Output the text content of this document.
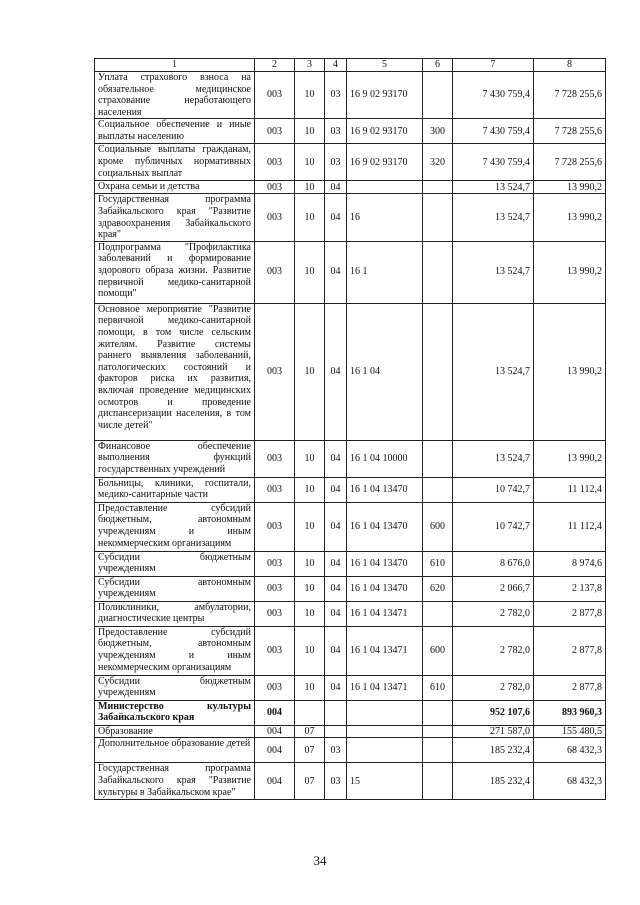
1	2	3	4	5	6	7	8
Уплата страхового взноса на обязательное медицинское страхование неработающего населения	003	10	03	16 9 02 93170		7 430 759,4	7 728 255,6
Социальное обеспечение и иные выплаты населению	003	10	03	16 9 02 93170	300	7 430 759,4	7 728 255,6
Социальные выплаты гражданам, кроме публичных нормативных социальных выплат	003	10	03	16 9 02 93170	320	7 430 759,4	7 728 255,6
Охрана семьи и детства	003	10	04			13 524,7	13 990,2
Государственная программа Забайкальского края "Развитие здравоохранения Забайкальского края"	003	10	04	16		13 524,7	13 990,2
Подпрограмма "Профилактика заболеваний и формирование здорового образа жизни. Развитие первичной медико-санитарной помощи"	003	10	04	16 1		13 524,7	13 990,2
Основное мероприятие "Развитие первичной медико-санитарной помощи, в том числе сельским жителям. Развитие системы раннего выявления заболеваний, патологических состояний и факторов риска их развития, включая проведение медицинских осмотров и проведение диспансеризации населения, в том числе детей"	003	10	04	16 1 04		13 524,7	13 990,2
Финансовое обеспечение выполнения функций государственных учреждений	003	10	04	16 1 04 10000		13 524,7	13 990,2
Больницы, клиники, госпитали, медико-санитарные части	003	10	04	16 1 04 13470		10 742,7	11 112,4
Предоставление субсидий бюджетным, автономным учреждениям и иным некоммерческим организациям	003	10	04	16 1 04 13470	600	10 742,7	11 112,4
Субсидии бюджетным учреждениям	003	10	04	16 1 04 13470	610	8 676,0	8 974,6
Субсидии автономным учреждениям	003	10	04	16 1 04 13470	620	2 066,7	2 137,8
Поликлиники, амбулатории, диагностические центры	003	10	04	16 1 04 13471		2 782,0	2 877,8
Предоставление субсидий бюджетным, автономным учреждениям и иным некоммерческим организациям	003	10	04	16 1 04 13471	600	2 782,0	2 877,8
Субсидии бюджетным учреждениям	003	10	04	16 1 04 13471	610	2 782,0	2 877,8
Министерство культуры Забайкальского края	004					952 107,6	893 960,3
Образование	004	07				271 587,0	155 480,5
Дополнительное образование детей	004	07	03			185 232,4	68 432,3
Государственная программа Забайкальского края "Развитие культуры в Забайкальском крае"	004	07	03	15		185 232,4	68 432,3
34
